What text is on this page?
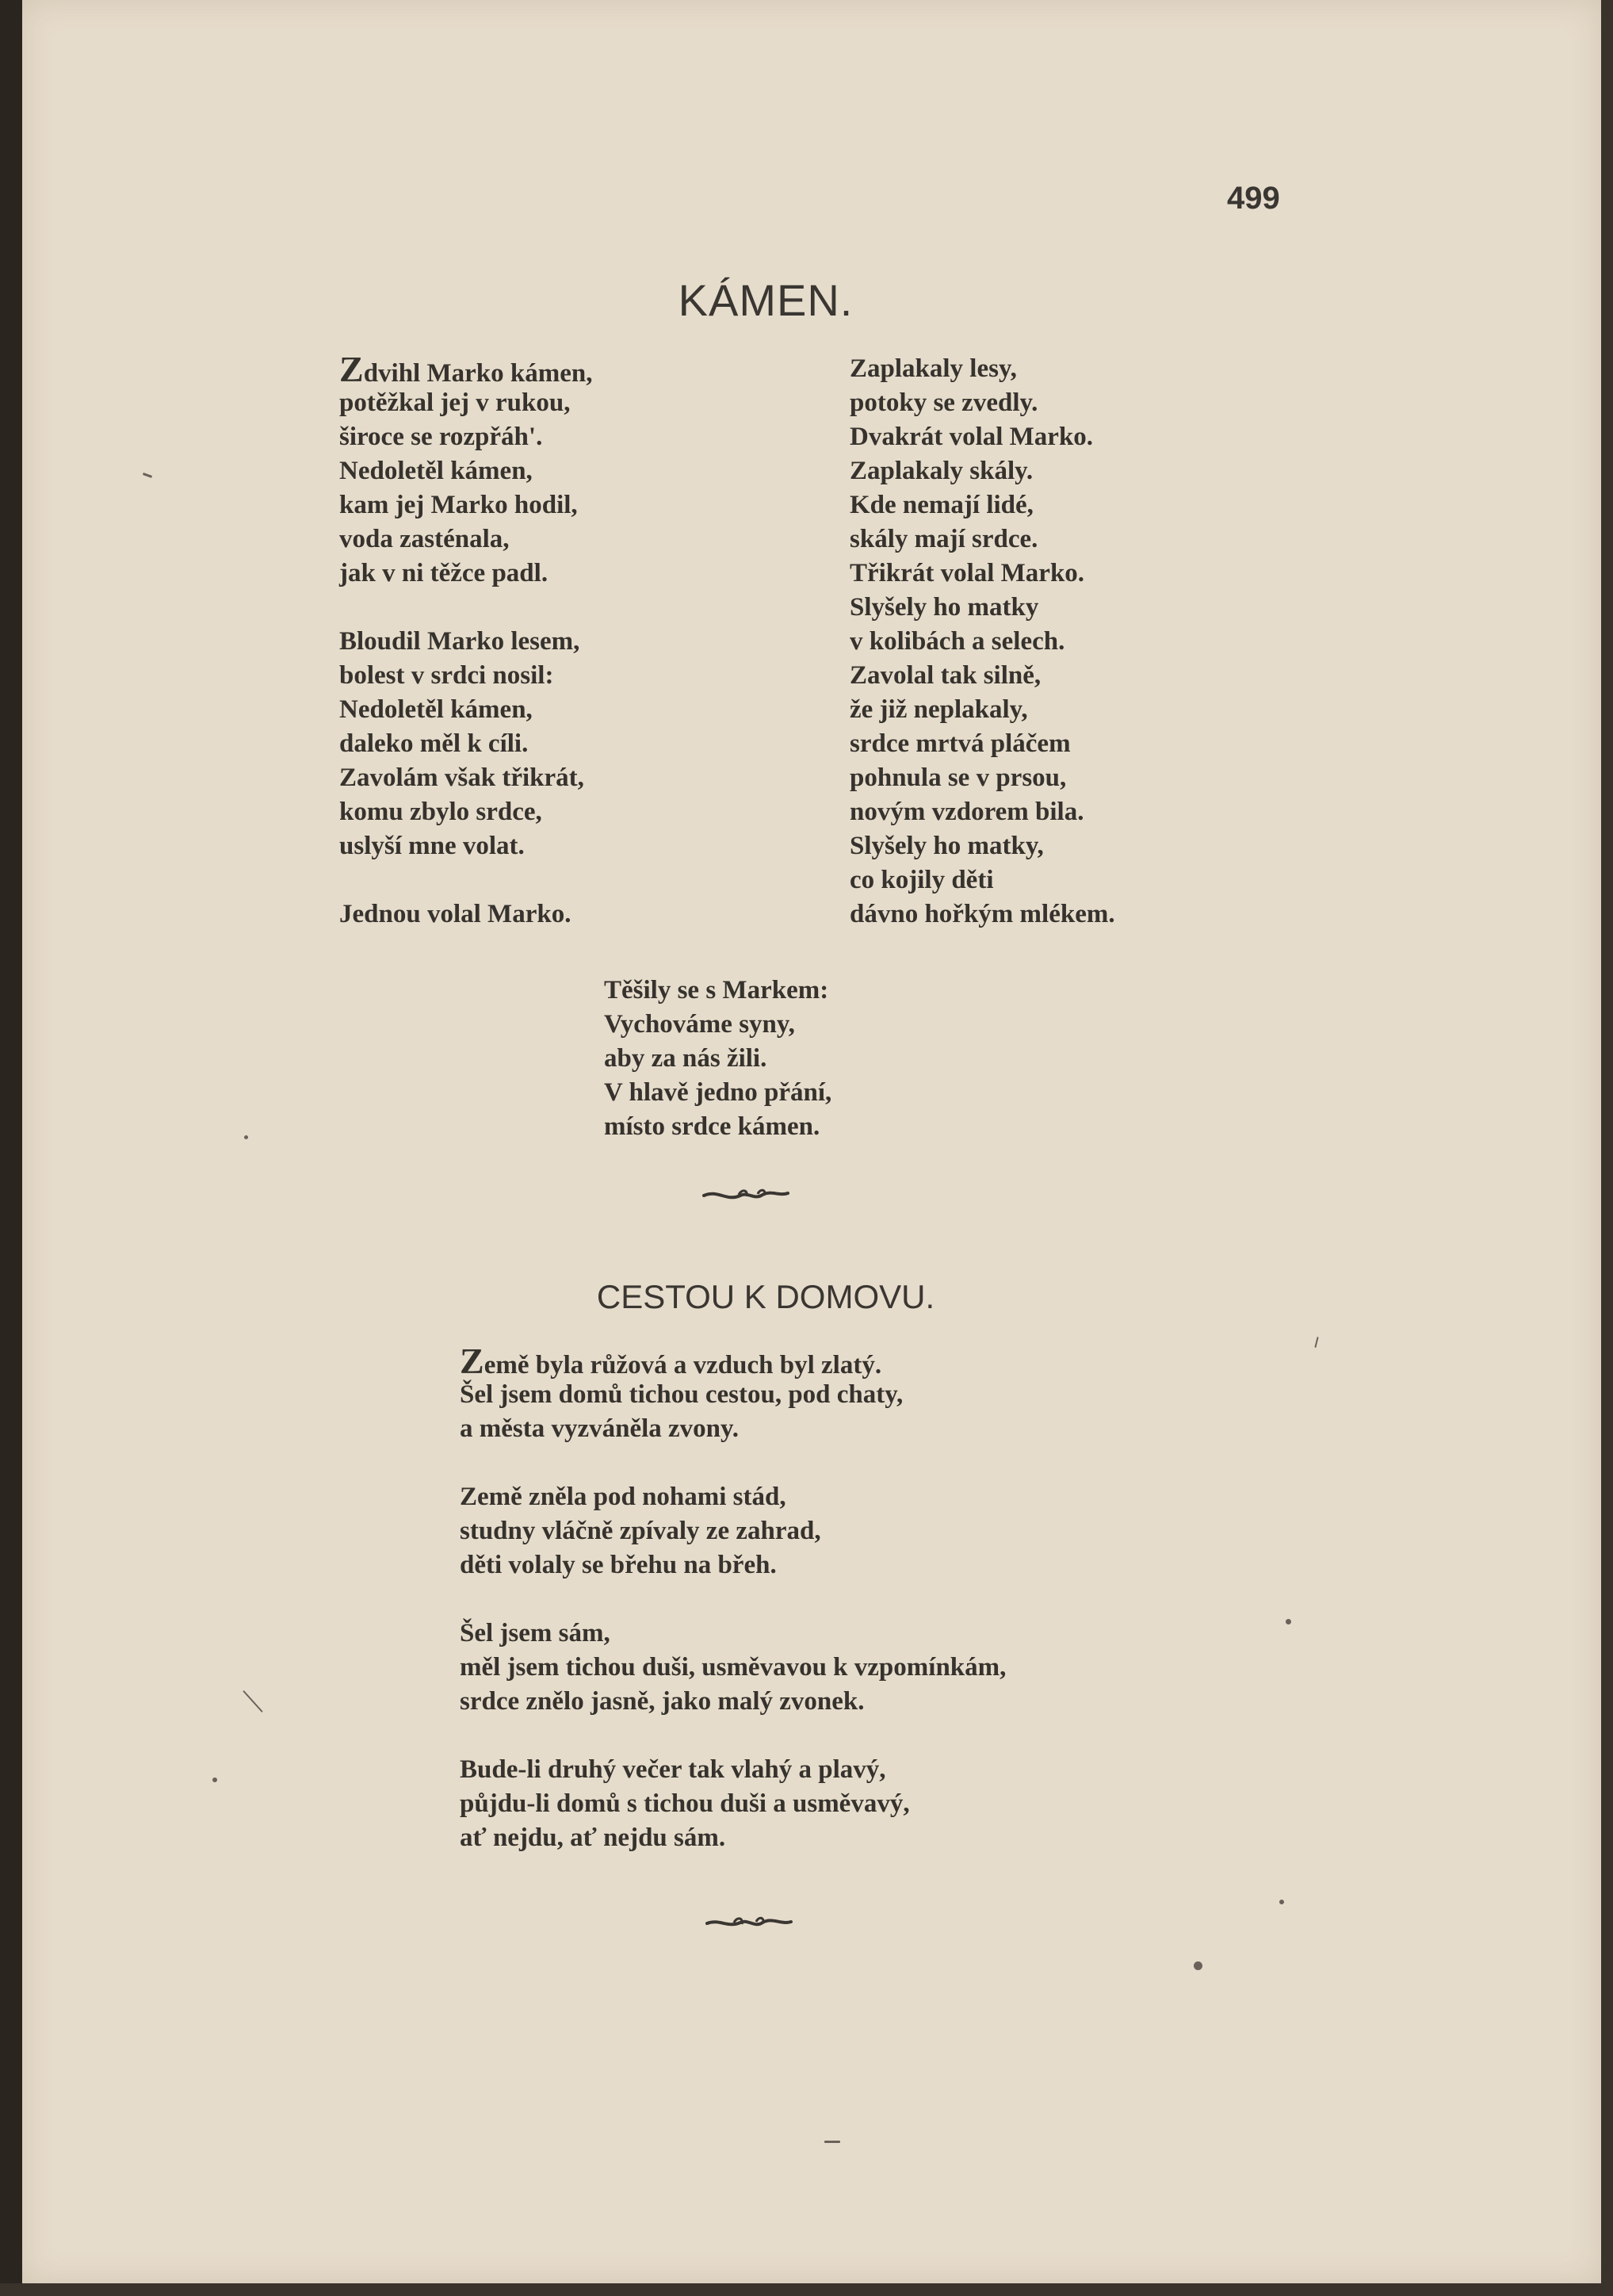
499
KÁMEN.
Zdvihl Marko kámen,
potěžkal jej v rukou,
široce se rozpřáh'.
Nedoletěl kámen,
kam jej Marko hodil,
voda zasténala,
jak v ni těžce padl.
Bloudil Marko lesem,
bolest v srdci nosil:
Nedoletěl kámen,
daleko měl k cíli.
Zavolám však třikrát,
komu zbylo srdce,
uslyší mne volat.
Jednou volal Marko.
Zaplakaly lesy,
potoky se zvedly.
Dvakrát volal Marko.
Zaplakaly skály.
Kde nemají lidé,
skály mají srdce.
Třikrát volal Marko.
Slyšely ho matky
v kolibách a selech.
Zavolal tak silně,
že již neplakaly,
srdce mrtvá pláčem
pohnula se v prsou,
novým vzdorem bila.
Slyšely ho matky,
co kojily děti
dávno hořkým mlékem.
Těšily se s Markem:
Vychováme syny,
aby za nás žili.
V hlavě jedno přání,
místo srdce kámen.
CESTOU K DOMOVU.
Země byla růžová a vzduch byl zlatý.
Šel jsem domů tichou cestou, pod chaty,
a města vyzváněla zvony.
Země zněla pod nohami stád,
studny vláčně zpívaly ze zahrad,
děti volaly se břehu na břeh.
Šel jsem sám,
měl jsem tichou duši, usměvavou k vzpomínkám,
srdce znělo jasně, jako malý zvonek.
Bude-li druhý večer tak vlahý a plavý,
půjdu-li domů s tichou duši a usměvavý,
ať nejdu, ať nejdu sám.
